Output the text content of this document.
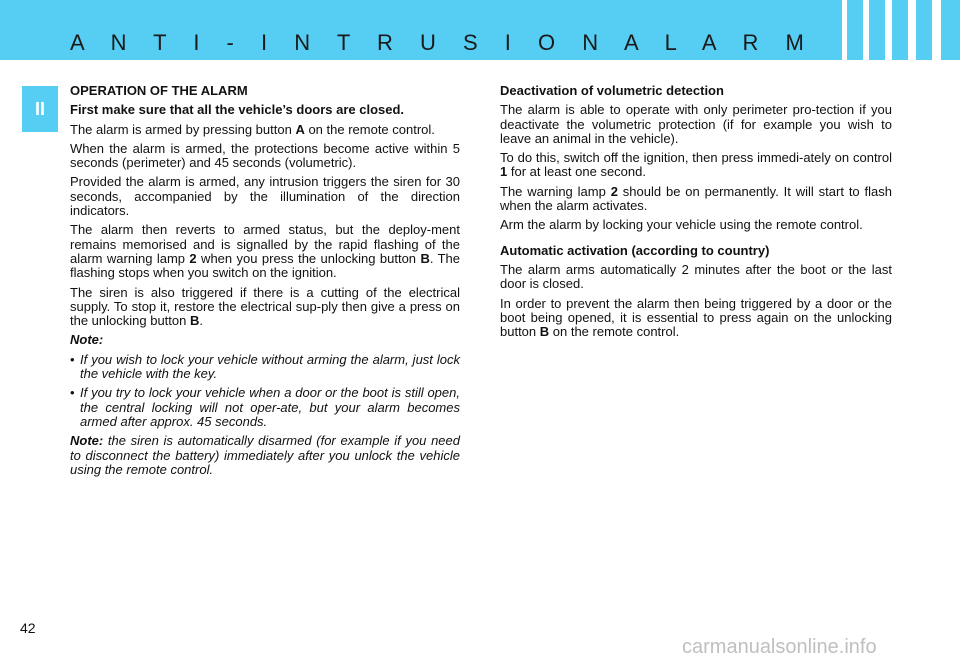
A N T I - I N T R U S I O N A L A R M
II

OPERATION OF THE ALARM

First make sure that all the vehicle’s doors are closed.

The alarm is armed by pressing button A on the remote control.

When the alarm is armed, the protections become active within 5 seconds (perimeter) and 45 seconds (volumetric).

Provided the alarm is armed, any intrusion triggers the siren for 30 seconds, accompanied by the illumination of the direction indicators.

The alarm then reverts to armed status, but the deploy-ment remains memorised and is signalled by the rapid flashing of the alarm warning lamp 2 when you press the unlocking button B. The flashing stops when you switch on the ignition.

The siren is also triggered if there is a cutting of the electrical supply. To stop it, restore the electrical sup-ply then give a press on the unlocking button B.

Note:

• If you wish to lock your vehicle without arming the alarm, just lock the vehicle with the key.

• If you try to lock your vehicle when a door or the boot is still open, the central locking will not oper-ate, but your alarm becomes armed after approx. 45 seconds.

Note: the siren is automatically disarmed (for example if you need to disconnect the battery) immediately after you unlock the vehicle using the remote control.

Deactivation of volumetric detection

The alarm is able to operate with only perimeter pro-tection if you deactivate the volumetric protection (if for example you wish to leave an animal in the vehicle).

To do this, switch off the ignition, then press immedi-ately on control 1 for at least one second.

The warning lamp 2 should be on permanently. It will start to flash when the alarm activates.

Arm the alarm by locking your vehicle using the remote control.

Automatic activation (according to country)

The alarm arms automatically 2 minutes after the boot or the last door is closed.

In order to prevent the alarm then being triggered by a door or the boot being opened, it is essential to press again on the unlocking button B on the remote control.

42
carmanualsonline.info
